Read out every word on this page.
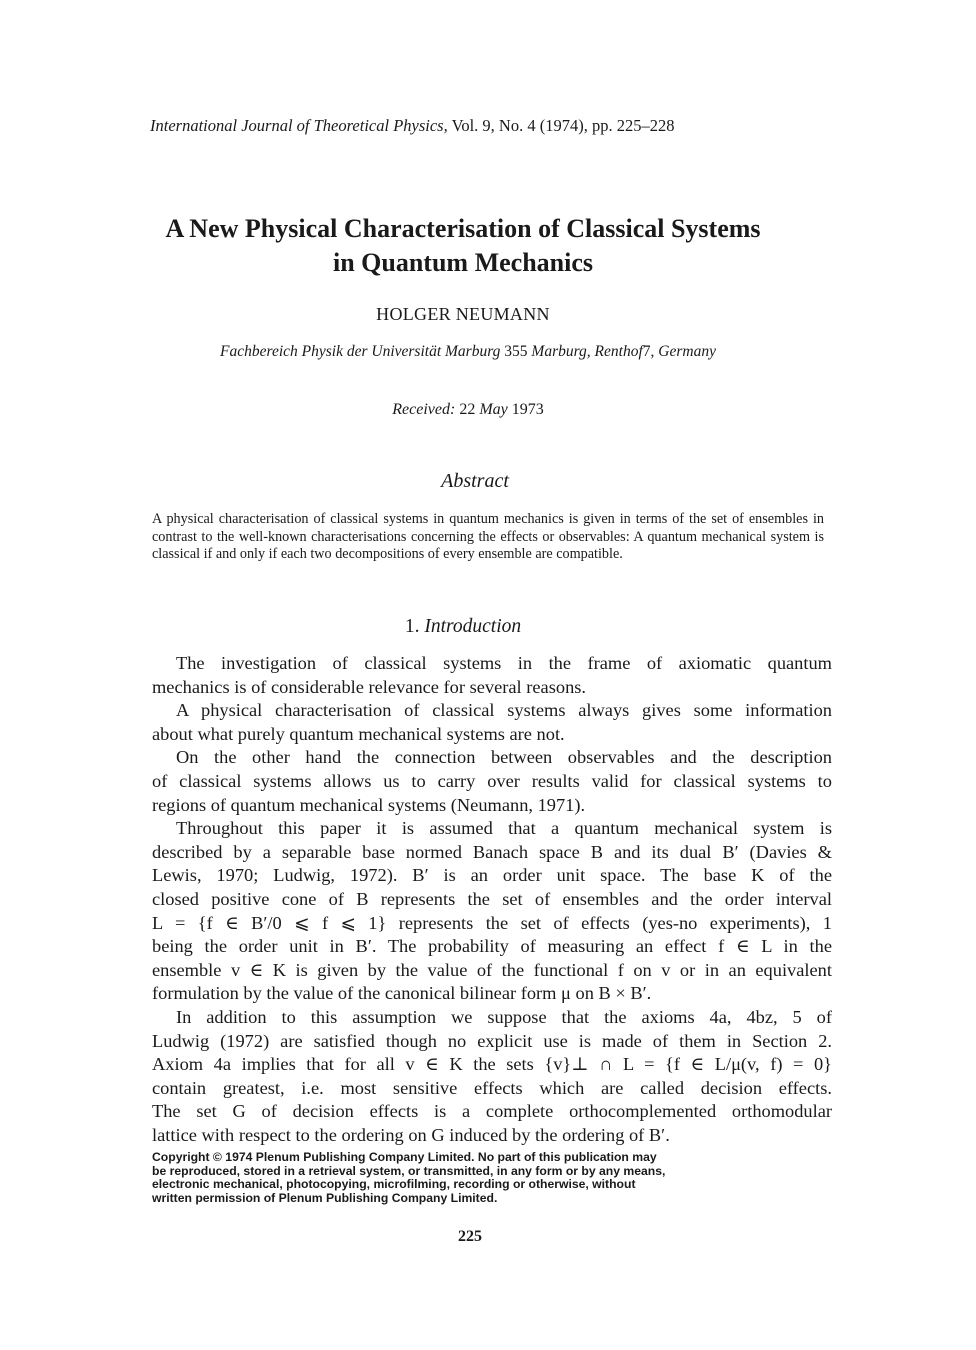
International Journal of Theoretical Physics, Vol. 9, No. 4 (1974), pp. 225–228
A New Physical Characterisation of Classical Systems
in Quantum Mechanics
HOLGER NEUMANN
Fachbereich Physik der Universität Marburg 355 Marburg, Renthof7, Germany
Received: 22 May 1973
Abstract
A physical characterisation of classical systems in quantum mechanics is given in terms of the set of ensembles in contrast to the well-known characterisations concerning the effects or observables: A quantum mechanical system is classical if and only if each two decompositions of every ensemble are compatible.
1. Introduction
The investigation of classical systems in the frame of axiomatic quantum
mechanics is of considerable relevance for several reasons.
A physical characterisation of classical systems always gives some information
about what purely quantum mechanical systems are not.
On the other hand the connection between observables and the description
of classical systems allows us to carry over results valid for classical systems to
regions of quantum mechanical systems (Neumann, 1971).
Throughout this paper it is assumed that a quantum mechanical system is
described by a separable base normed Banach space B and its dual B′ (Davies &
Lewis, 1970; Ludwig, 1972). B′ is an order unit space. The base K of the
closed positive cone of B represents the set of ensembles and the order interval
L = {f ∈ B′/0 ⩽ f ⩽ 1} represents the set of effects (yes-no experiments), 1
being the order unit in B′. The probability of measuring an effect f ∈ L in the
ensemble v ∈ K is given by the value of the functional f on v or in an equivalent
formulation by the value of the canonical bilinear form μ on B × B′.
In addition to this assumption we suppose that the axioms 4a, 4bz, 5 of
Ludwig (1972) are satisfied though no explicit use is made of them in Section 2.
Axiom 4a implies that for all v ∈ K the sets {v}⊥ ∩ L = {f ∈ L/μ(v, f) = 0}
contain greatest, i.e. most sensitive effects which are called decision effects.
The set G of decision effects is a complete orthocomplemented orthomodular
lattice with respect to the ordering on G induced by the ordering of B′.
Copyright © 1974 Plenum Publishing Company Limited. No part of this publication may
be reproduced, stored in a retrieval system, or transmitted, in any form or by any means,
electronic mechanical, photocopying, microfilming, recording or otherwise, without
written permission of Plenum Publishing Company Limited.
225
